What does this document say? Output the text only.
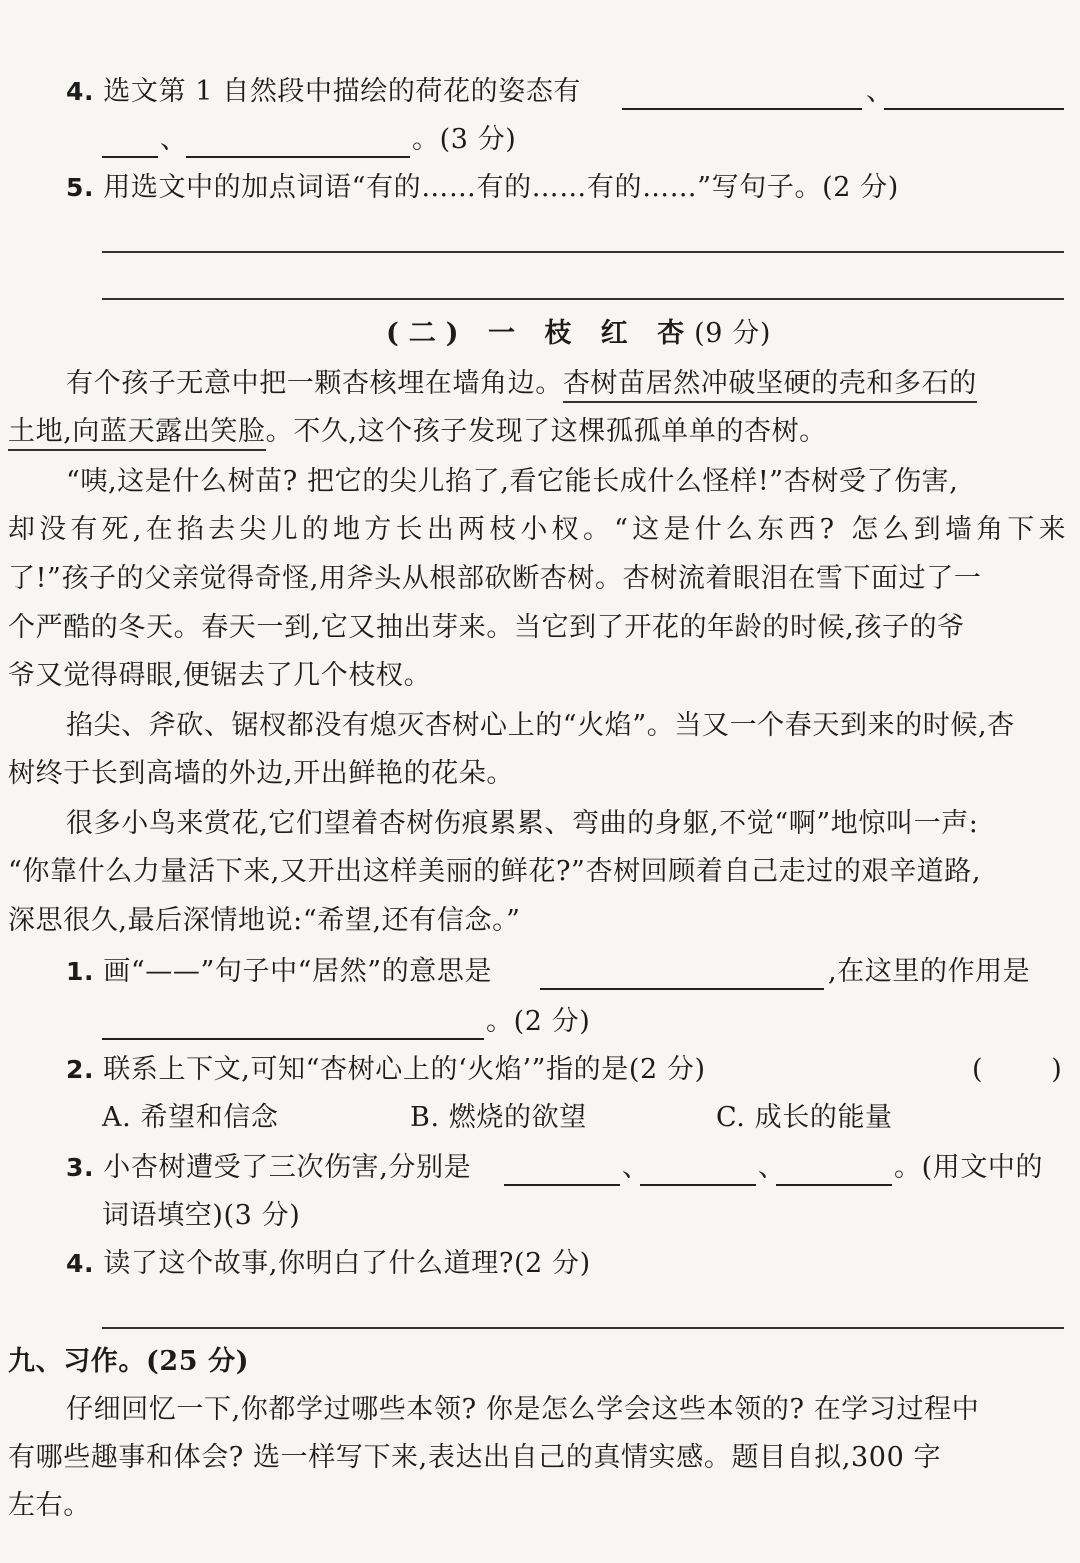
4. 选文第 1 自然段中描绘的荷花的姿态有	、
、	。(3 分)
5. 用选文中的加点词语“有的……有的……有的……”写句子。(2 分)
(二) 一 枝 红 杏(9 分)
有个孩子无意中把一颗杏核埋在墙角边。杏树苗居然冲破坚硬的壳和多石的
土地,向蓝天露出笑脸。不久,这个孩子发现了这棵孤孤单单的杏树。
“咦,这是什么树苗? 把它的尖儿掐了,看它能长成什么怪样!”杏树受了伤害,
却没有死,在掐去尖儿的地方长出两枝小杈。“这是什么东西? 怎么到墙角下来
了!”孩子的父亲觉得奇怪,用斧头从根部砍断杏树。杏树流着眼泪在雪下面过了一
个严酷的冬天。春天一到,它又抽出芽来。当它到了开花的年龄的时候,孩子的爷
爷又觉得碍眼,便锯去了几个枝杈。
掐尖、斧砍、锯杈都没有熄灭杏树心上的“火焰”。当又一个春天到来的时候,杏
树终于长到高墙的外边,开出鲜艳的花朵。
很多小鸟来赏花,它们望着杏树伤痕累累、弯曲的身躯,不觉“啊”地惊叫一声:
“你靠什么力量活下来,又开出这样美丽的鲜花?”杏树回顾着自己走过的艰辛道路,
深思很久,最后深情地说:“希望,还有信念。”
1. 画“——”句子中“居然”的意思是	,在这里的作用是
。(2 分)
2. 联系上下文,可知“杏树心上的‘火焰’”指的是(2 分)	(        )
A. 希望和信念	B. 燃烧的欲望	C. 成长的能量
3. 小杏树遭受了三次伤害,分别是	、	、	。(用文中的
词语填空)(3 分)
4. 读了这个故事,你明白了什么道理?(2 分)
九、习作。(25 分)
仔细回忆一下,你都学过哪些本领? 你是怎么学会这些本领的? 在学习过程中
有哪些趣事和体会? 选一样写下来,表达出自己的真情实感。题目自拟,300 字
左右。
